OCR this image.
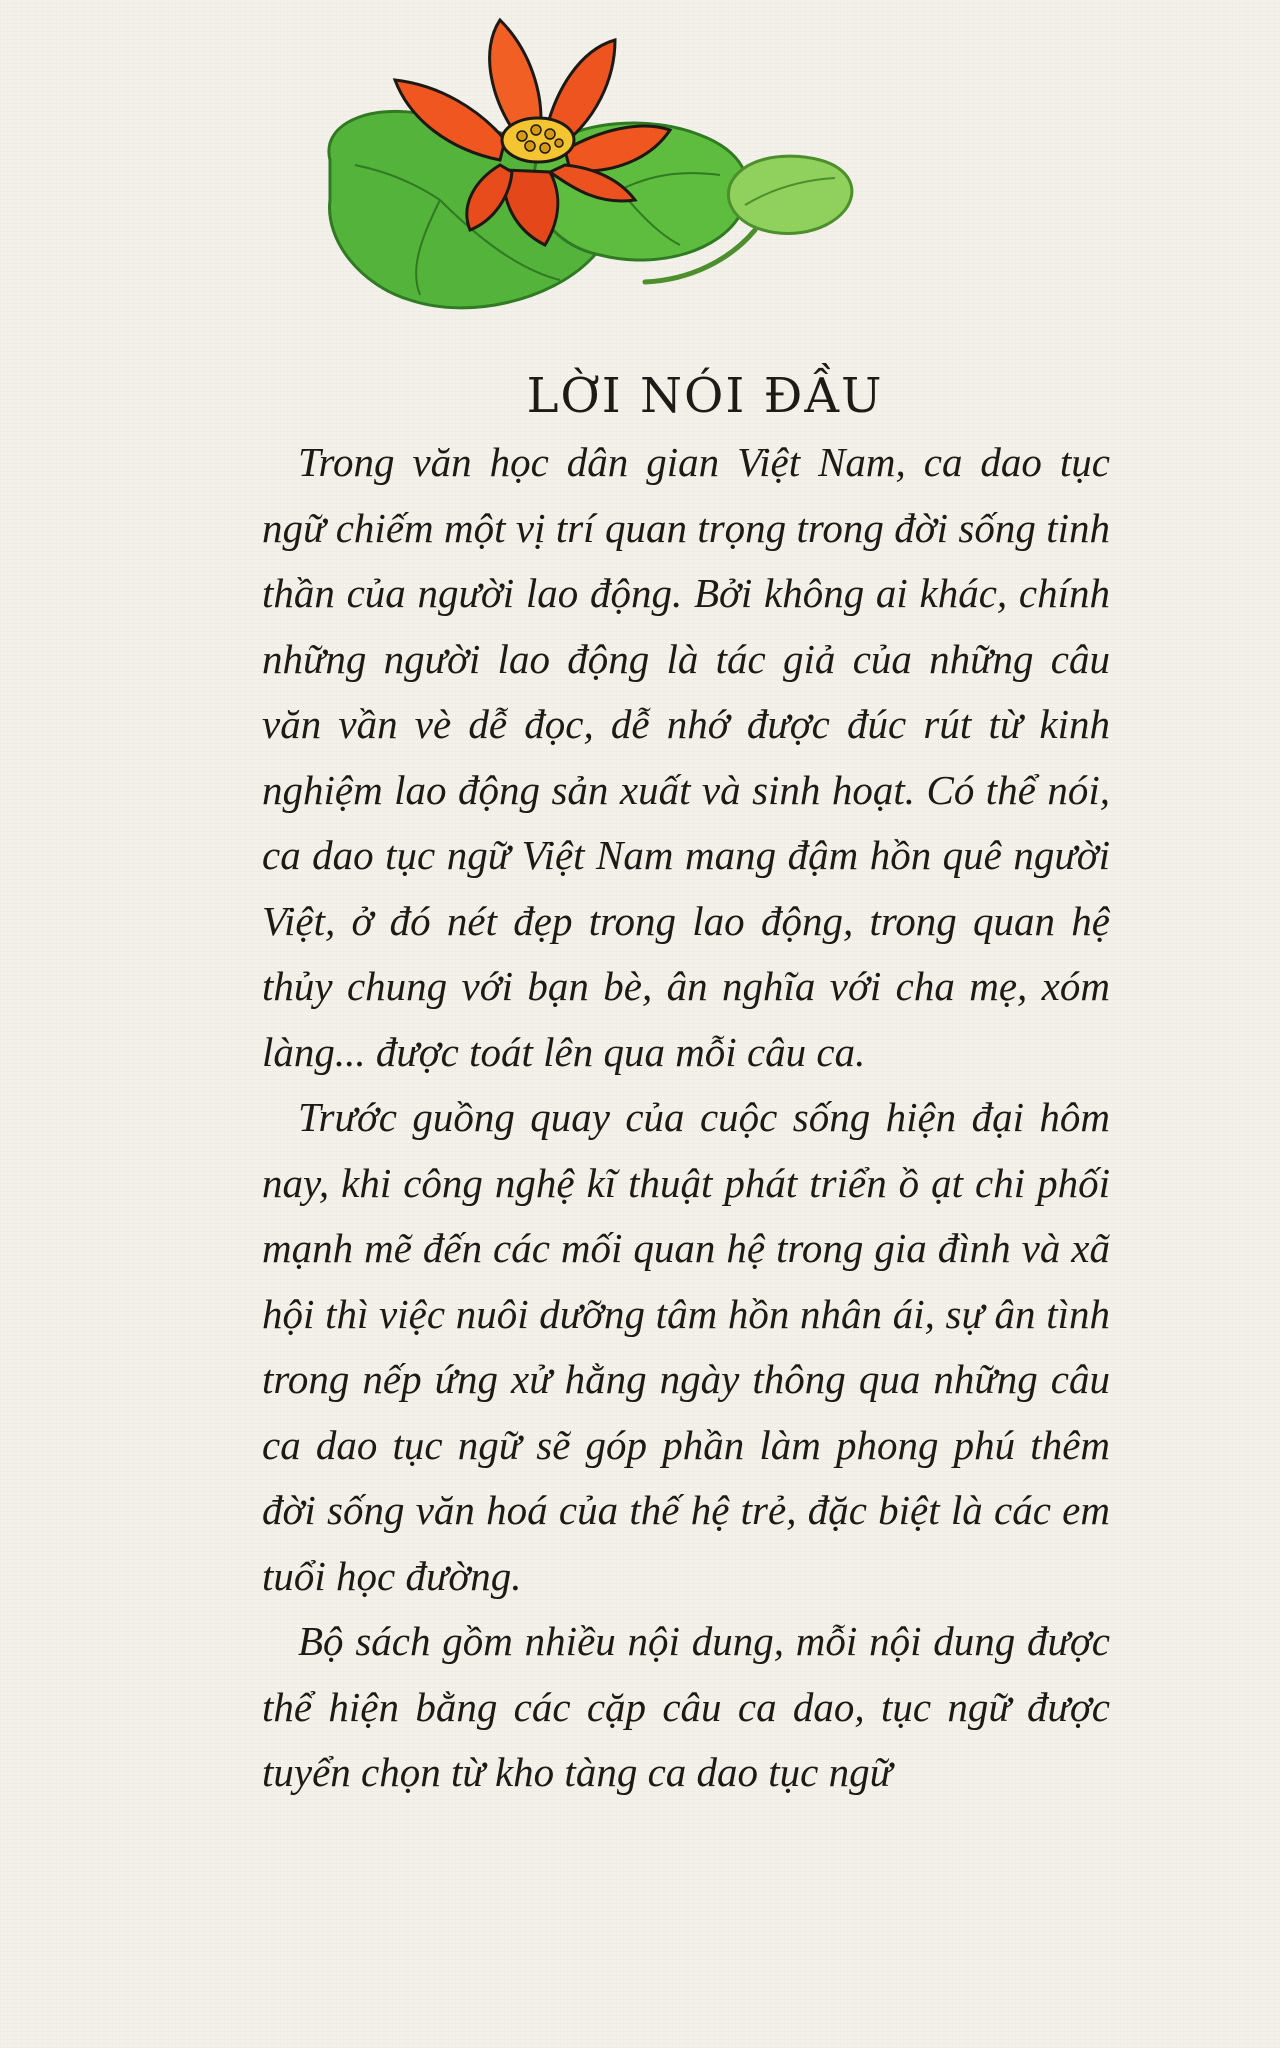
LỜI NÓI ĐẦU

Trong văn học dân gian Việt Nam, ca dao tục ngữ chiếm một vị trí quan trọng trong đời sống tinh thần của người lao động. Bởi không ai khác, chính những người lao động là tác giả của những câu văn vần vè dễ đọc, dễ nhớ được đúc rút từ kinh nghiệm lao động sản xuất và sinh hoạt. Có thể nói, ca dao tục ngữ Việt Nam mang đậm hồn quê người Việt, ở đó nét đẹp trong lao động, trong quan hệ thủy chung với bạn bè, ân nghĩa với cha mẹ, xóm làng... được toát lên qua mỗi câu ca.

Trước guồng quay của cuộc sống hiện đại hôm nay, khi công nghệ kĩ thuật phát triển ồ ạt chi phối mạnh mẽ đến các mối quan hệ trong gia đình và xã hội thì việc nuôi dưỡng tâm hồn nhân ái, sự ân tình trong nếp ứng xử hằng ngày thông qua những câu ca dao tục ngữ sẽ góp phần làm phong phú thêm đời sống văn hoá của thế hệ trẻ, đặc biệt là các em tuổi học đường.

Bộ sách gồm nhiều nội dung, mỗi nội dung được thể hiện bằng các cặp câu ca dao, tục ngữ được tuyển chọn từ kho tàng ca dao tục ngữ
